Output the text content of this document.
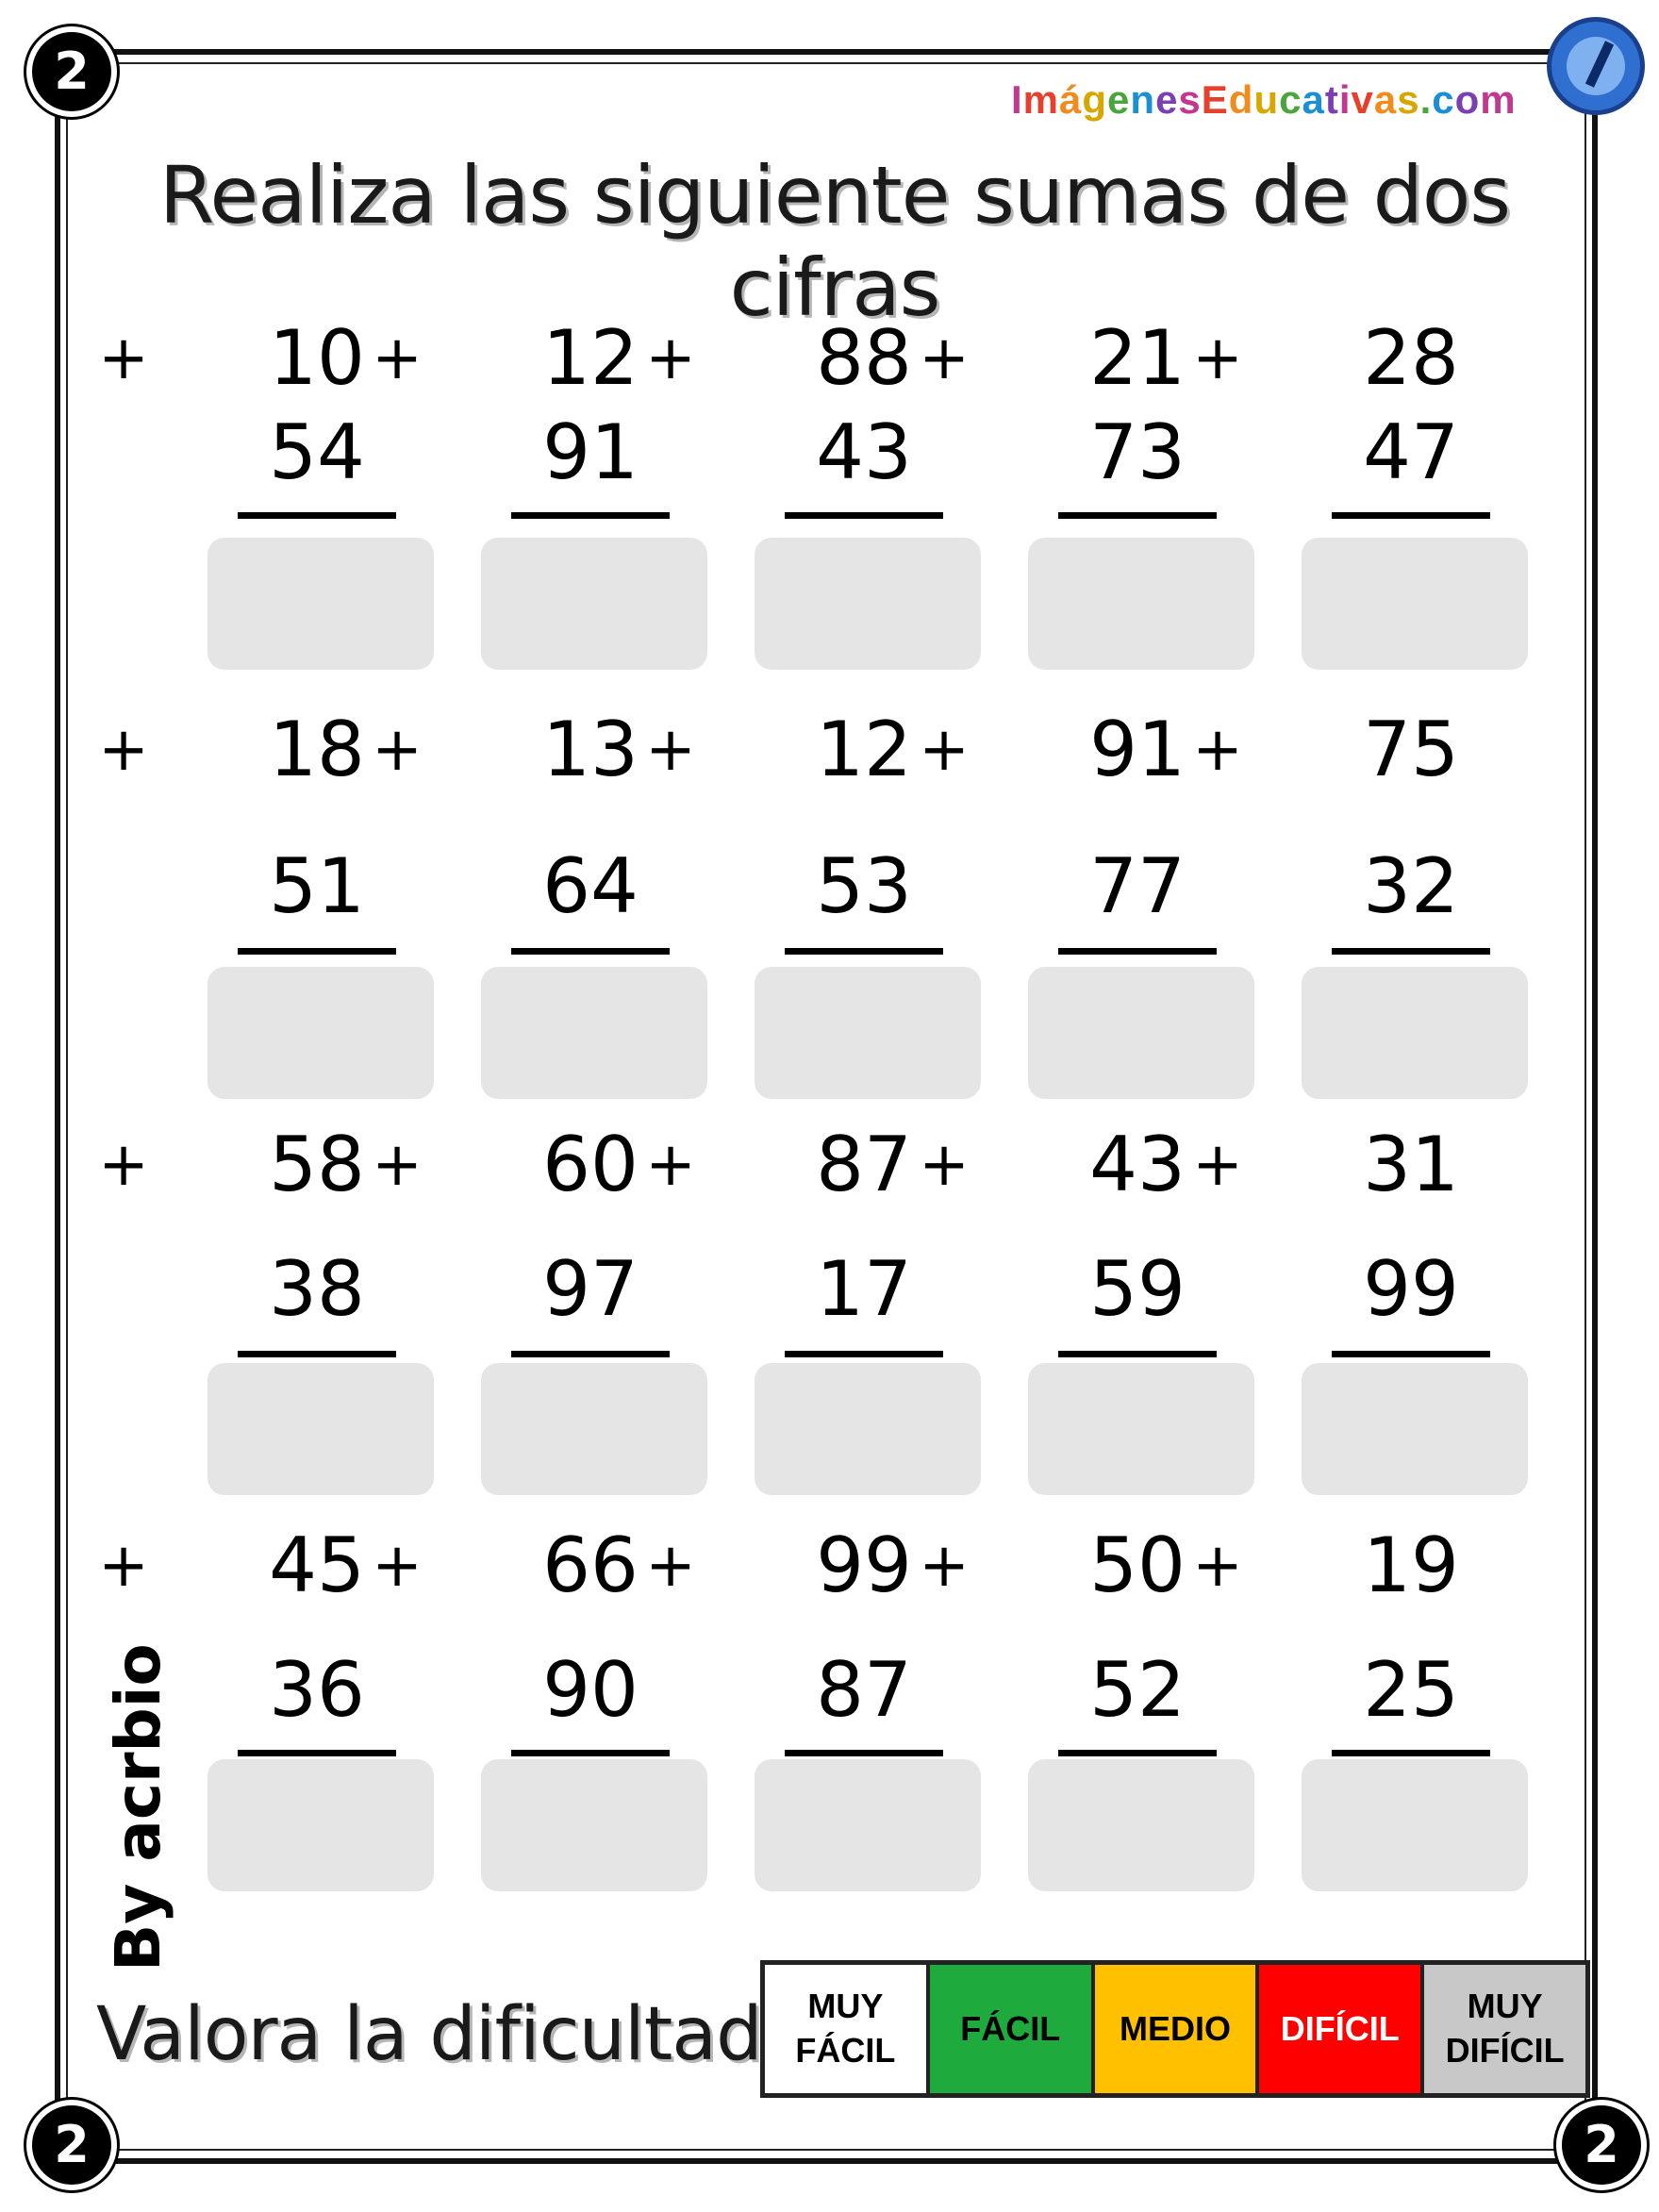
2
2	2
ImágenesEducativas.com
Realiza las siguiente sumas de dos cifras
+	10
54
+	12
91
+	88
43
+	21
73
+	28
47
+	18
51
+	13
64
+	12
53
+	91
77
+	75
32
+	58
38
+	60
97
+	87
17
+	43
59
+	31
99
+	45
36
+	66
90
+	99
87
+	50
52
+	19
25
By acrbio
Valora la dificultad	MUY
FÁCIL
FÁCIL	MEDIO	DIFÍCIL
MUY
DIFÍCIL
